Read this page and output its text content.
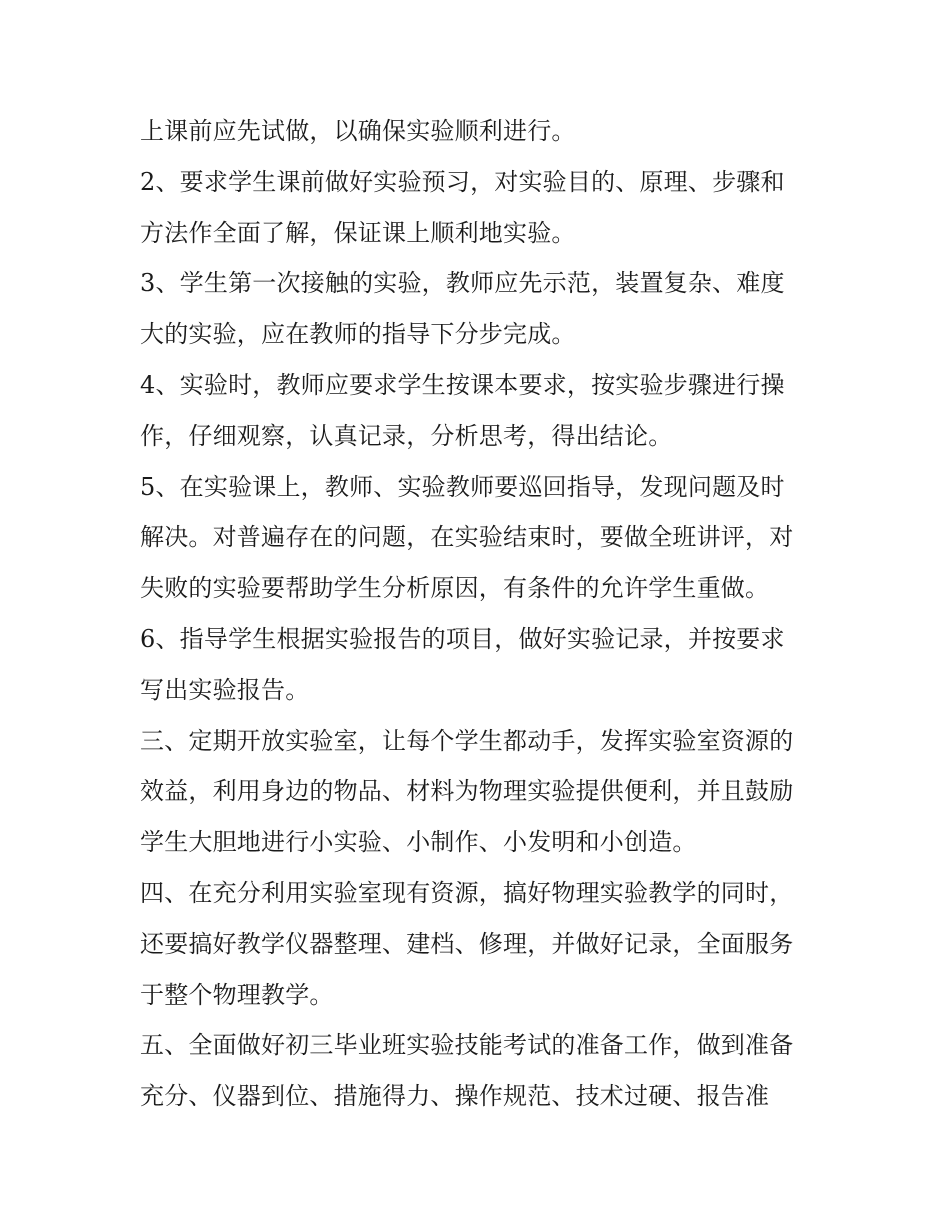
上课前应先试做，以确保实验顺利进行。
2、要求学生课前做好实验预习，对实验目的、原理、步骤和
方法作全面了解，保证课上顺利地实验。
3、学生第一次接触的实验，教师应先示范，装置复杂、难度
大的实验，应在教师的指导下分步完成。
4、实验时，教师应要求学生按课本要求，按实验步骤进行操
作，仔细观察，认真记录，分析思考，得出结论。
5、在实验课上，教师、实验教师要巡回指导，发现问题及时
解决。对普遍存在的问题，在实验结束时，要做全班讲评，对
失败的实验要帮助学生分析原因，有条件的允许学生重做。
6、指导学生根据实验报告的项目，做好实验记录，并按要求
写出实验报告。
三、定期开放实验室，让每个学生都动手，发挥实验室资源的
效益，利用身边的物品、材料为物理实验提供便利，并且鼓励
学生大胆地进行小实验、小制作、小发明和小创造。
四、在充分利用实验室现有资源，搞好物理实验教学的同时，
还要搞好教学仪器整理、建档、修理，并做好记录，全面服务
于整个物理教学。
五、全面做好初三毕业班实验技能考试的准备工作，做到准备
充分、仪器到位、措施得力、操作规范、技术过硬、报告准
